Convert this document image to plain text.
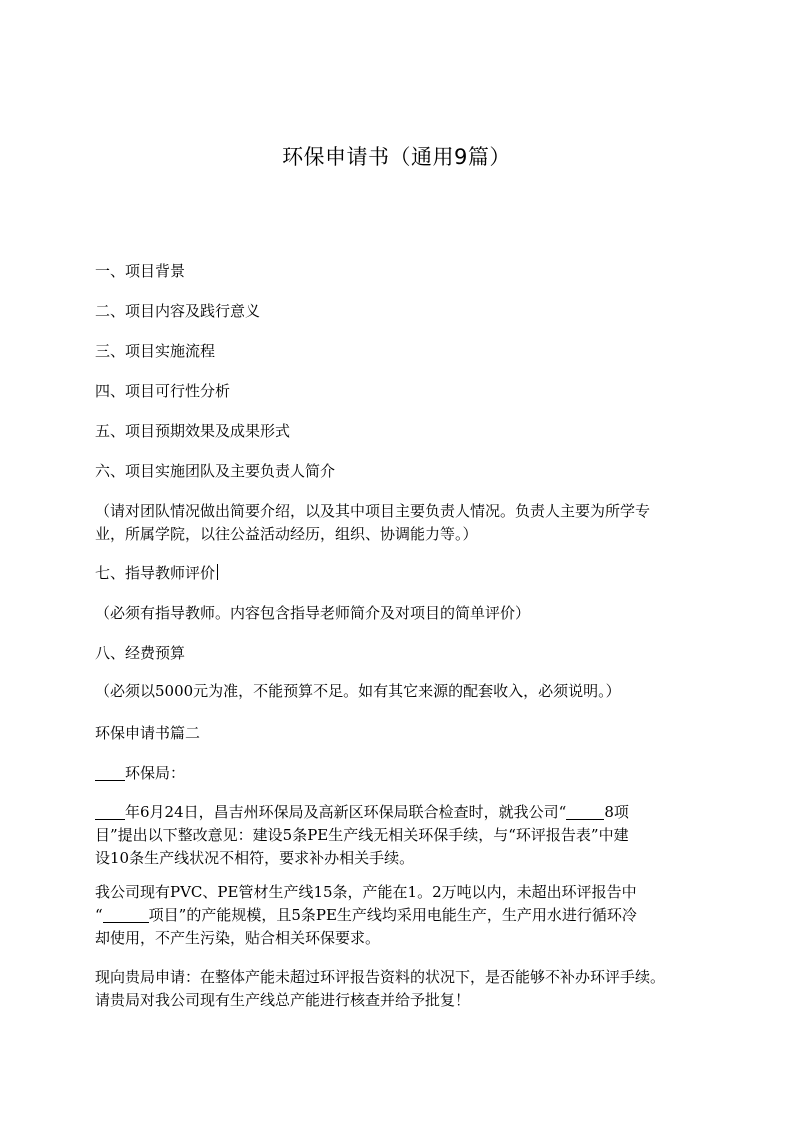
环保申请书（通用9篇）
一、项目背景
二、项目内容及践行意义
三、项目实施流程
四、项目可行性分析
五、项目预期效果及成果形式
六、项目实施团队及主要负责人简介
（请对团队情况做出简要介绍，以及其中项目主要负责人情况。负责人主要为所学专
业，所属学院，以往公益活动经历，组织、协调能力等。）
七、指导教师评价
（必须有指导教师。内容包含指导老师简介及对项目的简单评价）
八、经费预算
（必须以5000元为准，不能预算不足。如有其它来源的配套收入，必须说明。）
环保申请书篇二
环保局：
年6月24日，昌吉州环保局及高新区环保局联合检查时，就我公司“	8项
目”提出以下整改意见：建设5条PE生产线无相关环保手续，与“环评报告表”中建
设10条生产线状况不相符，要求补办相关手续。
我公司现有PVC、PE管材生产线15条，产能在1。2万吨以内，未超出环评报告中
“	项目”的产能规模，且5条PE生产线均采用电能生产，生产用水进行循环冷
却使用，不产生污染，贴合相关环保要求。
现向贵局申请：在整体产能未超过环评报告资料的状况下，是否能够不补办环评手续。
请贵局对我公司现有生产线总产能进行核查并给予批复！
